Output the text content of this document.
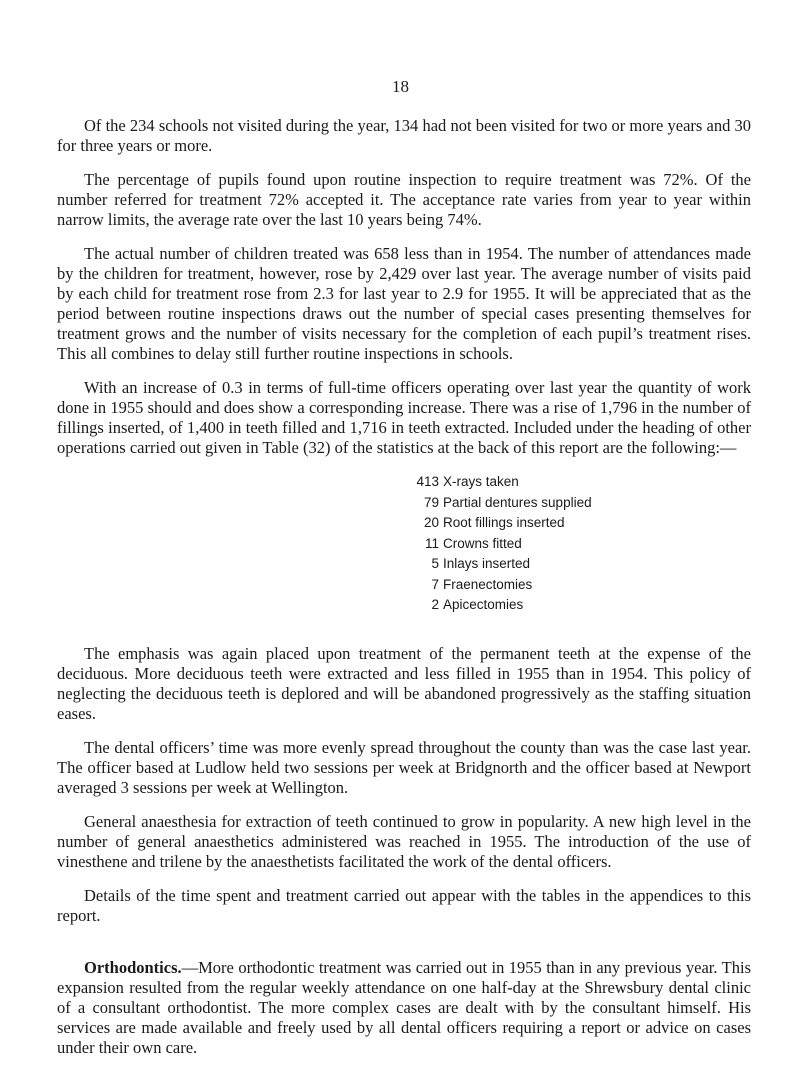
18

Of the 234 schools not visited during the year, 134 had not been visited for two or more years and 30 for three years or more.

The percentage of pupils found upon routine inspection to require treatment was 72%. Of the number referred for treatment 72% accepted it. The acceptance rate varies from year to year within narrow limits, the average rate over the last 10 years being 74%.

The actual number of children treated was 658 less than in 1954. The number of attendances made by the children for treatment, however, rose by 2,429 over last year. The average number of visits paid by each child for treatment rose from 2.3 for last year to 2.9 for 1955. It will be appreciated that as the period between routine inspections draws out the number of special cases presenting themselves for treatment grows and the number of visits necessary for the completion of each pupil’s treatment rises. This all combines to delay still further routine inspections in schools.

With an increase of 0.3 in terms of full-time officers operating over last year the quantity of work done in 1955 should and does show a corresponding increase. There was a rise of 1,796 in the number of fillings inserted, of 1,400 in teeth filled and 1,716 in teeth extracted. Included under the heading of other operations carried out given in Table (32) of the statistics at the back of this report are the following:—

413 X-rays taken
79 Partial dentures supplied
20 Root fillings inserted
11 Crowns fitted
5 Inlays inserted
7 Fraenectomies
2 Apicectomies

The emphasis was again placed upon treatment of the permanent teeth at the expense of the deciduous. More deciduous teeth were extracted and less filled in 1955 than in 1954. This policy of neglecting the deciduous teeth is deplored and will be abandoned progressively as the staffing situation eases.

The dental officers’ time was more evenly spread throughout the county than was the case last year. The officer based at Ludlow held two sessions per week at Bridgnorth and the officer based at Newport averaged 3 sessions per week at Wellington.

General anaesthesia for extraction of teeth continued to grow in popularity. A new high level in the number of general anaesthetics administered was reached in 1955. The introduction of the use of vinesthene and trilene by the anaesthetists facilitated the work of the dental officers.

Details of the time spent and treatment carried out appear with the tables in the appendices to this report.

Orthodontics.—More orthodontic treatment was carried out in 1955 than in any previous year. This expansion resulted from the regular weekly attendance on one half-day at the Shrewsbury dental clinic of a consultant orthodontist. The more complex cases are dealt with by the consultant himself. His services are made available and freely used by all dental officers requiring a report or advice on cases under their own care.
